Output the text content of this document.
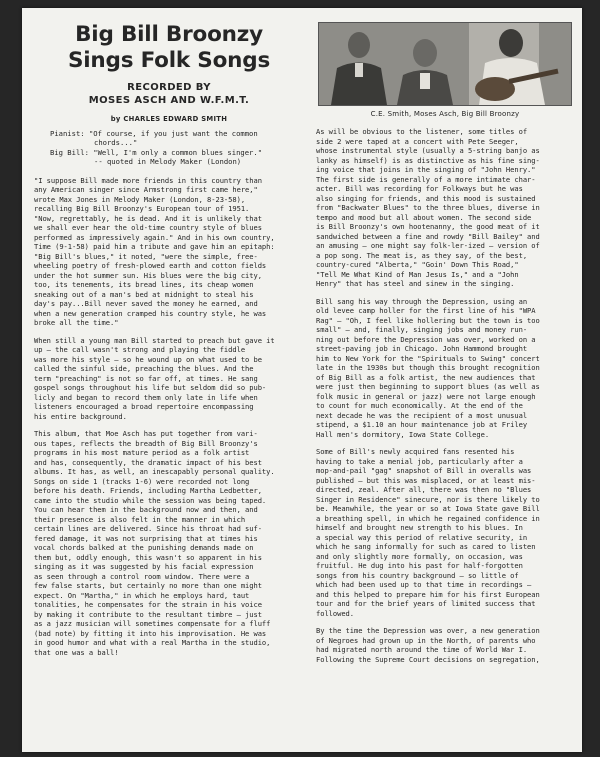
Big Bill Broonzy
Sings Folk Songs
RECORDED BY
MOSES ASCH AND W.F.M.T.
by CHARLES EDWARD SMITH
Pianist: "Of course, if you just want the common
chords..."
Big Bill: "Well, I'm only a common blues singer."
-- quoted in Melody Maker (London)
"I suppose Bill made more friends in this country than
any American singer since Armstrong first came here,"
wrote Max Jones in Melody Maker (London, 8-23-58),
recalling Big Bill Broonzy's European tour of 1951.
"Now, regrettably, he is dead. And it is unlikely that
we shall ever hear the old-time country style of blues
performed as impressively again." And in his own country,
Time (9-1-58) paid him a tribute and gave him an epitaph:
"Big Bill's blues," it noted, "were the simple, free-
wheeling poetry of fresh-plowed earth and cotton fields
under the hot summer sun. His blues were the big city,
too, its tenements, its bread lines, its cheap women
sneaking out of a man's bed at midnight to steal his
day's pay...Bill never saved the money he earned, and
when a new generation cramped his country style, he was
broke all the time."
When still a young man Bill started to preach but gave it
up — the call wasn't strong and playing the fiddle
was more his style — so he wound up on what used to be
called the sinful side, preaching the blues. And the
term "preaching" is not so far off, at times. He sang
gospel songs throughout his life but seldom did so pub-
licly and began to record them only late in life when
listeners encouraged a broad repertoire encompassing
his entire background.
This album, that Moe Asch has put together from vari-
ous tapes, reflects the breadth of Big Bill Broonzy's
programs in his most mature period as a folk artist
and has, consequently, the dramatic impact of his best
albums. It has, as well, an inescapably personal quality.
Songs on side 1 (tracks 1-6) were recorded not long
before his death. Friends, including Martha Ledbetter,
came into the studio while the session was being taped.
You can hear them in the background now and then, and
their presence is also felt in the manner in which
certain lines are delivered. Since his throat had suf-
fered damage, it was not surprising that at times his
vocal chords balked at the punishing demands made on
them but, oddly enough, this wasn't so apparent in his
singing as it was suggested by his facial expression
as seen through a control room window. There were a
few false starts, but certainly no more than one might
expect. On "Martha," in which he employs hard, taut
tonalities, he compensates for the strain in his voice
by making it contribute to the resultant timbre — just
as a jazz musician will sometimes compensate for a fluff
(bad note) by fitting it into his improvisation. He was
in good humor and what with a real Martha in the studio,
that one was a ball!
C.E. Smith, Moses Asch, Big Bill Broonzy
As will be obvious to the listener, some titles of
side 2 were taped at a concert with Pete Seeger,
whose instrumental style (usually a 5-string banjo as
lanky as himself) is as distinctive as his fine sing-
ing voice that joins in the singing of "John Henry."
The first side is generally of a more intimate char-
acter. Bill was recording for Folkways but he was
also singing for friends, and this mood is sustained
from "Backwater Blues" to the three blues, diverse in
tempo and mood but all about women. The second side
is Bill Broonzy's own hootenanny, the good meat of it
sandwiched between a fine and rowdy "Bill Bailey" and
an amusing — one might say folk-ler-ized — version of
a pop song. The meat is, as they say, of the best,
country-cured "Alberta," "Goin' Down This Road,"
"Tell Me What Kind of Man Jesus Is," and a "John
Henry" that has steel and sinew in the singing.
Bill sang his way through the Depression, using an
old levee camp holler for the first line of his "WPA
Rag" — "Oh, I feel like hollering but the town is too
small" — and, finally, singing jobs and money run-
ning out before the Depression was over, worked on a
street-paving job in Chicago. John Hammond brought
him to New York for the "Spirituals to Swing" concert
late in the 1930s but though this brought recognition
of Big Bill as a folk artist, the new audiences that
were just then beginning to support blues (as well as
folk music in general or jazz) were not large enough
to count for much economically. At the end of the
next decade he was the recipient of a most unusual
stipend, a $1.10 an hour maintenance job at Friley
Hall men's dormitory, Iowa State College.
Some of Bill's newly acquired fans resented his
having to take a menial job, particularly after a
mop-and-pail "gag" snapshot of Bill in overalls was
published — but this was misplaced, or at least mis-
directed, zeal. After all, there was then no "Blues
Singer in Residence" sinecure, nor is there likely to
be. Meanwhile, the year or so at Iowa State gave Bill
a breathing spell, in which he regained confidence in
himself and brought new strength to his blues. In
a special way this period of relative security, in
which he sang informally for such as cared to listen
and only slightly more formally, on occasion, was
fruitful. He dug into his past for half-forgotten
songs from his country background — so little of
which had been used up to that time in recordings —
and this helped to prepare him for his first European
tour and for the brief years of limited success that
followed.
By the time the Depression was over, a new generation
of Negroes had grown up in the North, of parents who
had migrated north around the time of World War I.
Following the Supreme Court decisions on segregation,
